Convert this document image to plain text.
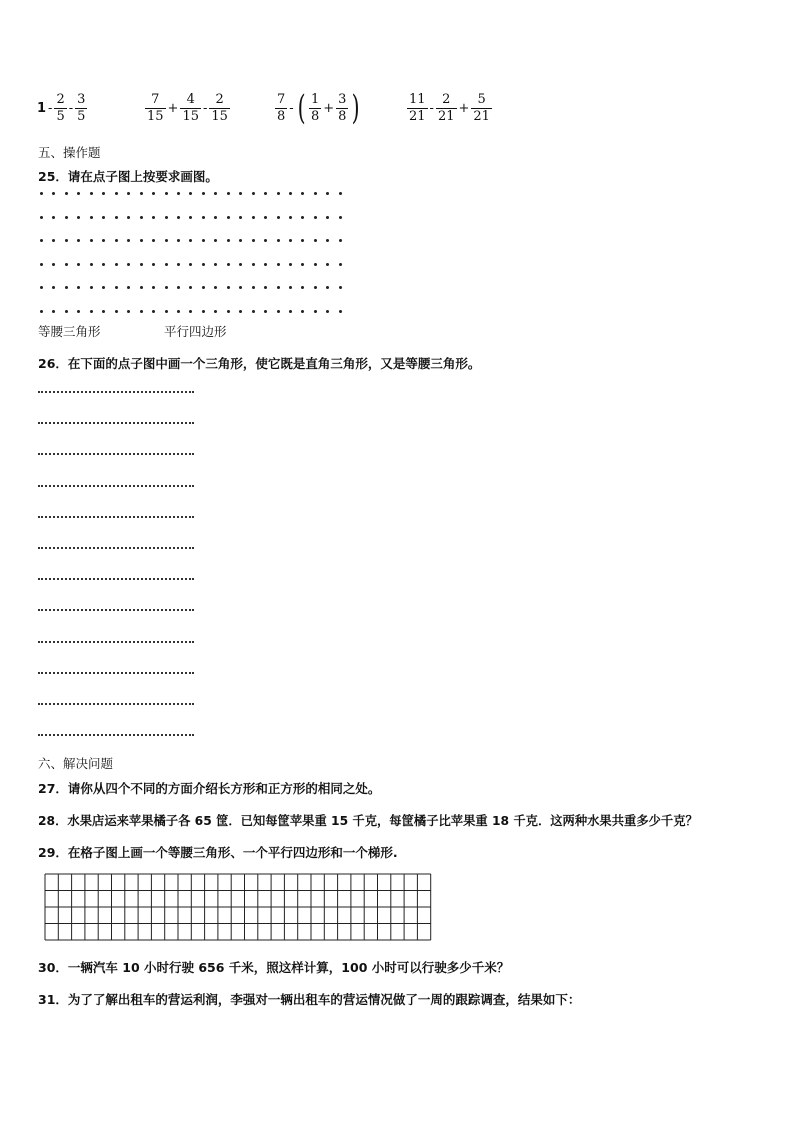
$1 - \frac{2}{5} - \frac{3}{5}$	$\frac{7}{15} + \frac{4}{15} - \frac{2}{15}$	$\frac{7}{8}$ - ( $\frac{1}{8} + \frac{3}{8}$ )	$\frac{11}{21} - \frac{2}{21} + \frac{5}{21}$
五、操作题
25．请在点子图上按要求画图。
等腰三角形	平行四边形
26．在下面的点子图中画一个三角形，使它既是直角三角形，又是等腰三角形。
六、解决问题
27．请你从四个不同的方面介绍长方形和正方形的相同之处。
28．水果店运来苹果橘子各 65 筐．已知每筐苹果重 15 千克，每筐橘子比苹果重 18 千克．这两种水果共重多少千克？
29．在格子图上画一个等腰三角形、一个平行四边形和一个梯形.
30．一辆汽车 10 小时行驶 656 千米，照这样计算，100 小时可以行驶多少千米？
31．为了了解出租车的营运利润，李强对一辆出租车的营运情况做了一周的跟踪调查，结果如下：
